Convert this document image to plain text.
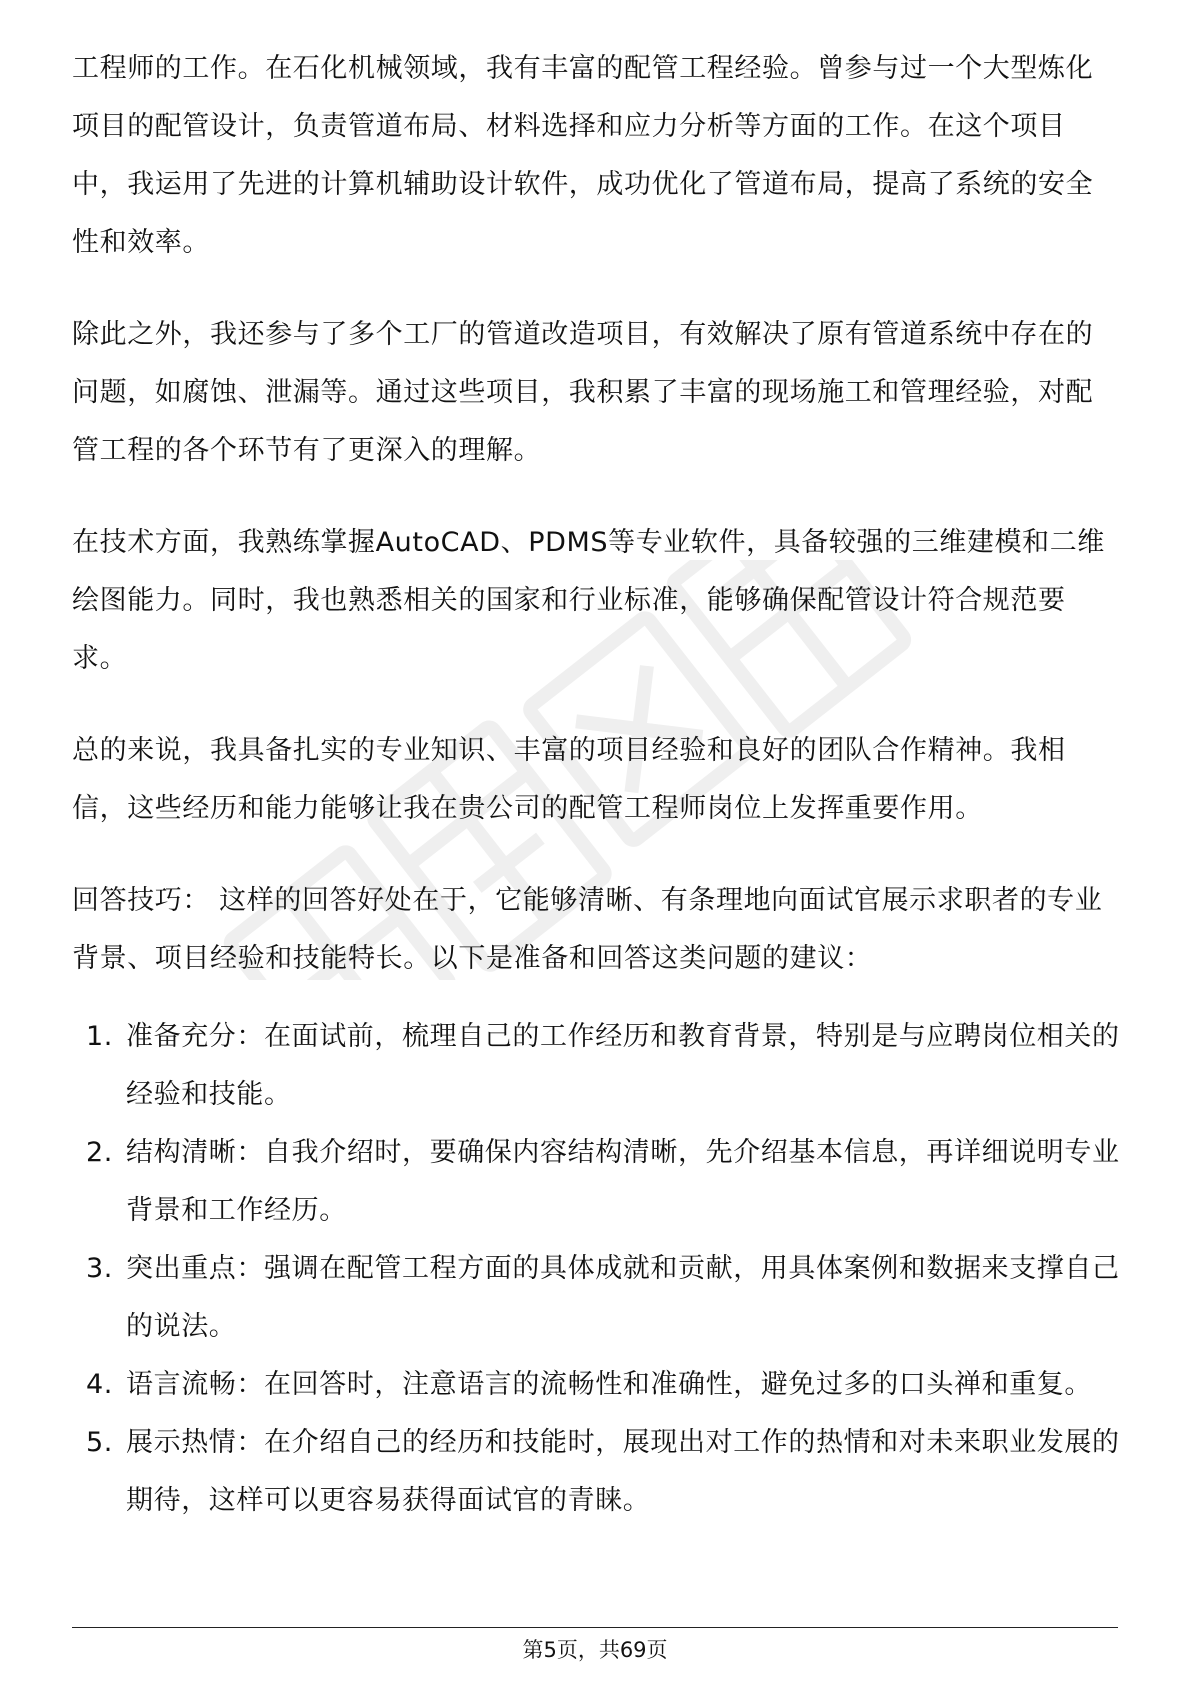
工程师的工作。在石化机械领域，我有丰富的配管工程经验。曾参与过一个大型炼化项目的配管设计，负责管道布局、材料选择和应力分析等方面的工作。在这个项目中，我运用了先进的计算机辅助设计软件，成功优化了管道布局，提高了系统的安全性和效率。

除此之外，我还参与了多个工厂的管道改造项目，有效解决了原有管道系统中存在的问题，如腐蚀、泄漏等。通过这些项目，我积累了丰富的现场施工和管理经验，对配管工程的各个环节有了更深入的理解。

在技术方面，我熟练掌握AutoCAD、PDMS等专业软件，具备较强的三维建模和二维绘图能力。同时，我也熟悉相关的国家和行业标准，能够确保配管设计符合规范要求。

总的来说，我具备扎实的专业知识、丰富的项目经验和良好的团队合作精神。我相信，这些经历和能力能够让我在贵公司的配管工程师岗位上发挥重要作用。

回答技巧： 这样的回答好处在于，它能够清晰、有条理地向面试官展示求职者的专业背景、项目经验和技能特长。以下是准备和回答这类问题的建议：

1. 准备充分：在面试前，梳理自己的工作经历和教育背景，特别是与应聘岗位相关的经验和技能。
2. 结构清晰：自我介绍时，要确保内容结构清晰，先介绍基本信息，再详细说明专业背景和工作经历。
3. 突出重点：强调在配管工程方面的具体成就和贡献，用具体案例和数据来支撑自己的说法。
4. 语言流畅：在回答时，注意语言的流畅性和准确性，避免过多的口头禅和重复。
5. 展示热情：在介绍自己的经历和技能时，展现出对工作的热情和对未来职业发展的期待，这样可以更容易获得面试官的青睐。
第5页，共69页
